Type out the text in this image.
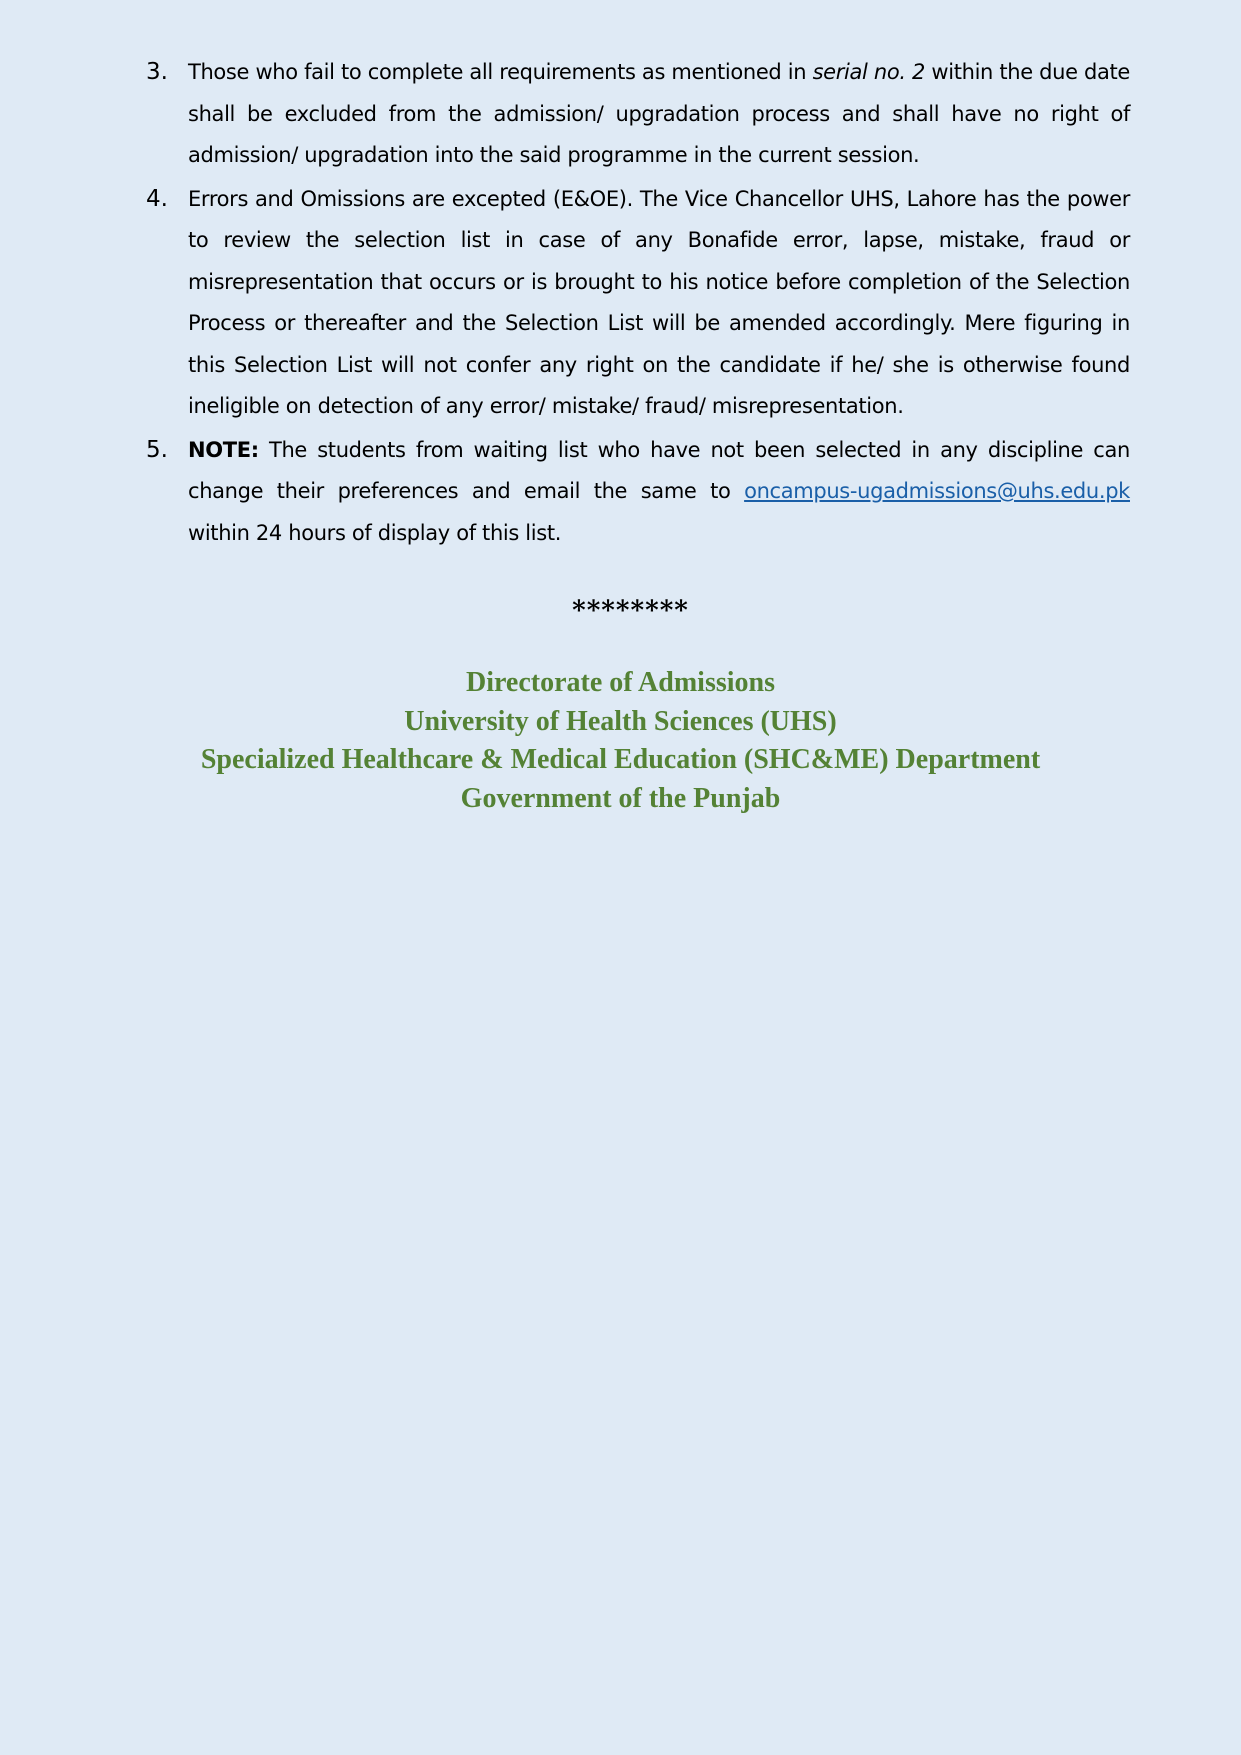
3. Those who fail to complete all requirements as mentioned in serial no. 2 within the due date shall be excluded from the admission/ upgradation process and shall have no right of admission/ upgradation into the said programme in the current session.
4. Errors and Omissions are excepted (E&OE). The Vice Chancellor UHS, Lahore has the power to review the selection list in case of any Bonafide error, lapse, mistake, fraud or misrepresentation that occurs or is brought to his notice before completion of the Selection Process or thereafter and the Selection List will be amended accordingly. Mere figuring in this Selection List will not confer any right on the candidate if he/ she is otherwise found ineligible on detection of any error/ mistake/ fraud/ misrepresentation.
5. NOTE: The students from waiting list who have not been selected in any discipline can change their preferences and email the same to oncampus-ugadmissions@uhs.edu.pk within 24 hours of display of this list.
********
Directorate of Admissions
University of Health Sciences (UHS)
Specialized Healthcare & Medical Education (SHC&ME) Department
Government of the Punjab
